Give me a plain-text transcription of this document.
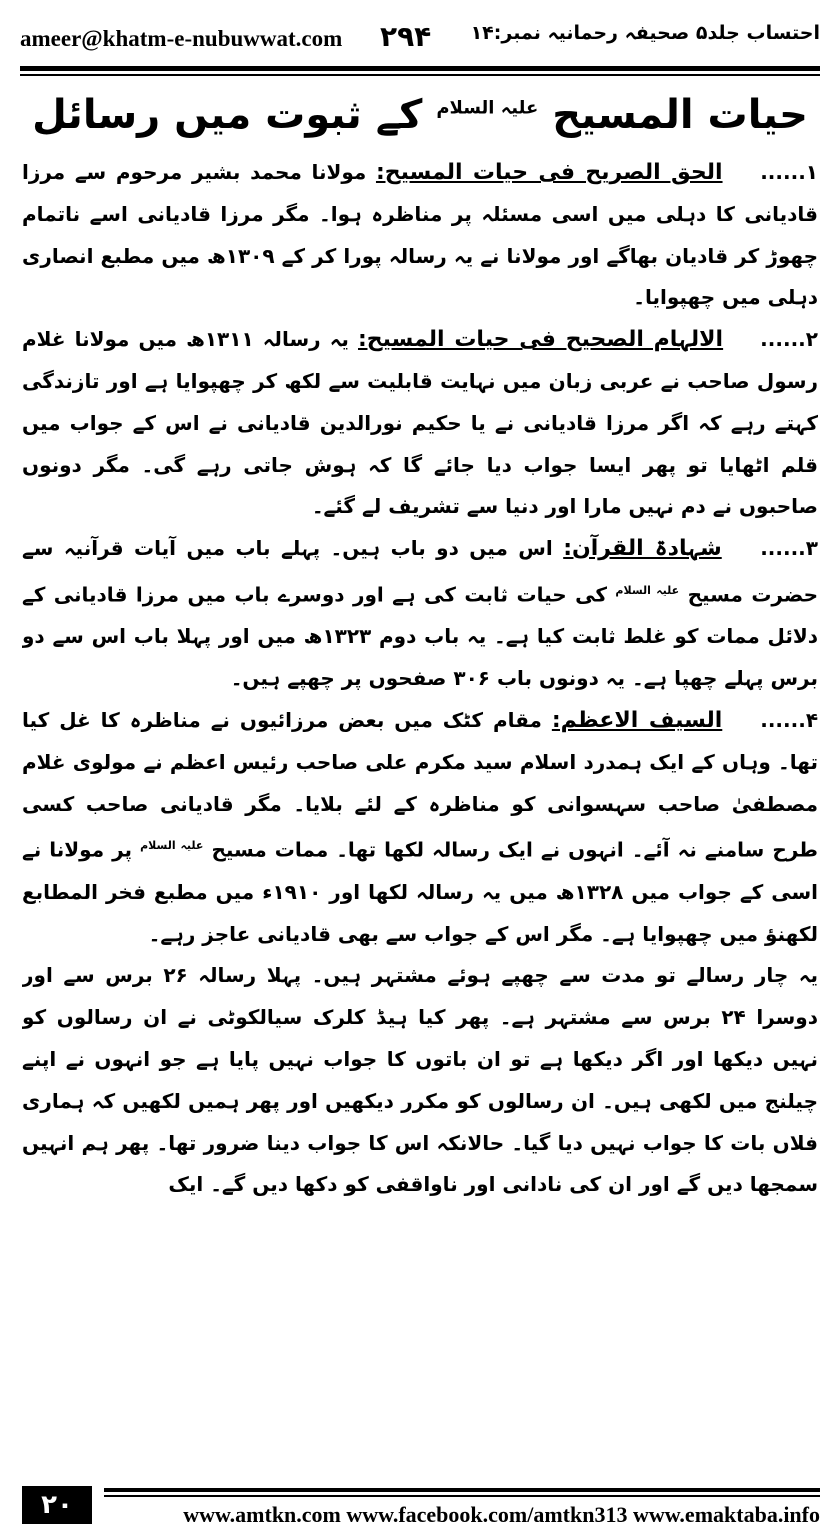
ameer@khatm-e-nubuwwat.com ۲۹۴ احتساب جلد۵ صحیفہ رحمانیہ نمبر:۱۴
حیات المسیح $^{علیہ السلام}$ کے ثبوت میں رسائل

۱...... الحق الصریح فی حیات المسیح: مولانا محمد بشیر مرحوم سے مرزا قادیانی کا دہلی میں اسی مسئلہ پر مناظرہ ہوا۔ مگر مرزا قادیانی اسے ناتمام چھوڑ کر قادیان بھاگے اور مولانا نے یہ رسالہ پورا کر کے ۱۳۰۹ھ میں مطبع انصاری دہلی میں چھپوایا۔

۲...... الالہام الصحیح فی حیات المسیح: یہ رسالہ ۱۳۱۱ھ میں مولانا غلام رسول صاحب نے عربی زبان میں نہایت قابلیت سے لکھ کر چھپوایا ہے اور تازندگی کہتے رہے کہ اگر مرزا قادیانی نے یا حکیم نورالدین قادیانی نے اس کے جواب میں قلم اٹھایا تو پھر ایسا جواب دیا جائے گا کہ ہوش جاتی رہے گی۔ مگر دونوں صاحبوں نے دم نہیں مارا اور دنیا سے تشریف لے گئے۔

۳...... شہادۃ القرآن: اس میں دو باب ہیں۔ پہلے باب میں آیات قرآنیہ سے حضرت مسیح $^{علیہ السلام}$ کی حیات ثابت کی ہے اور دوسرے باب میں مرزا قادیانی کے دلائل ممات کو غلط ثابت کیا ہے۔ یہ باب دوم ۱۳۲۳ھ میں اور پہلا باب اس سے دو برس پہلے چھپا ہے۔ یہ دونوں باب ۳۰۶ صفحوں پر چھپے ہیں۔

۴...... السیف الاعظم: مقام کٹک میں بعض مرزائیوں نے مناظرہ کا غل کیا تھا۔ وہاں کے ایک ہمدرد اسلام سید مکرم علی صاحب رئیس اعظم نے مولوی غلام مصطفیٰ صاحب سہسوانی کو مناظرہ کے لئے بلایا۔ مگر قادیانی صاحب کسی طرح سامنے نہ آئے۔ انہوں نے ایک رسالہ لکھا تھا۔ ممات مسیح $^{علیہ السلام}$ پر مولانا نے اسی کے جواب میں ۱۳۲۸ھ میں یہ رسالہ لکھا اور ۱۹۱۰ء میں مطبع فخر المطابع لکھنؤ میں چھپوایا ہے۔ مگر اس کے جواب سے بھی قادیانی عاجز رہے۔

یہ چار رسالے تو مدت سے چھپے ہوئے مشتہر ہیں۔ پہلا رسالہ ۲۶ برس سے اور دوسرا ۲۴ برس سے مشتہر ہے۔ پھر کیا ہیڈ کلرک سیالکوٹی نے ان رسالوں کو نہیں دیکھا اور اگر دیکھا ہے تو ان باتوں کا جواب نہیں پایا ہے جو انہوں نے اپنے چیلنج میں لکھی ہیں۔ ان رسالوں کو مکرر دیکھیں اور پھر ہمیں لکھیں کہ ہماری فلاں بات کا جواب نہیں دیا گیا۔ حالانکہ اس کا جواب دینا ضرور تھا۔ پھر ہم انہیں سمجھا دیں گے اور ان کی نادانی اور ناواقفی کو دکھا دیں گے۔ ایک

۲۰	www.amtkn.com www.facebook.com/amtkn313 www.emaktaba.info
